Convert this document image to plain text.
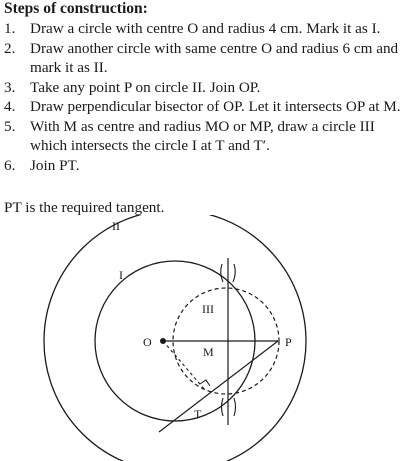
Steps of construction:
1. Draw a circle with centre O and radius 4 cm. Mark it as I.
2. Draw another circle with same centre O and radius 6 cm and mark it as II.
3. Take any point P on circle II. Join OP.
4. Draw perpendicular bisector of OP. Let it intersects OP at M.
5. With M as centre and radius MO or MP, draw a circle III which intersects the circle I at T and T′.
6. Join PT.
PT is the required tangent.
II
I
III
O
M
P
T
